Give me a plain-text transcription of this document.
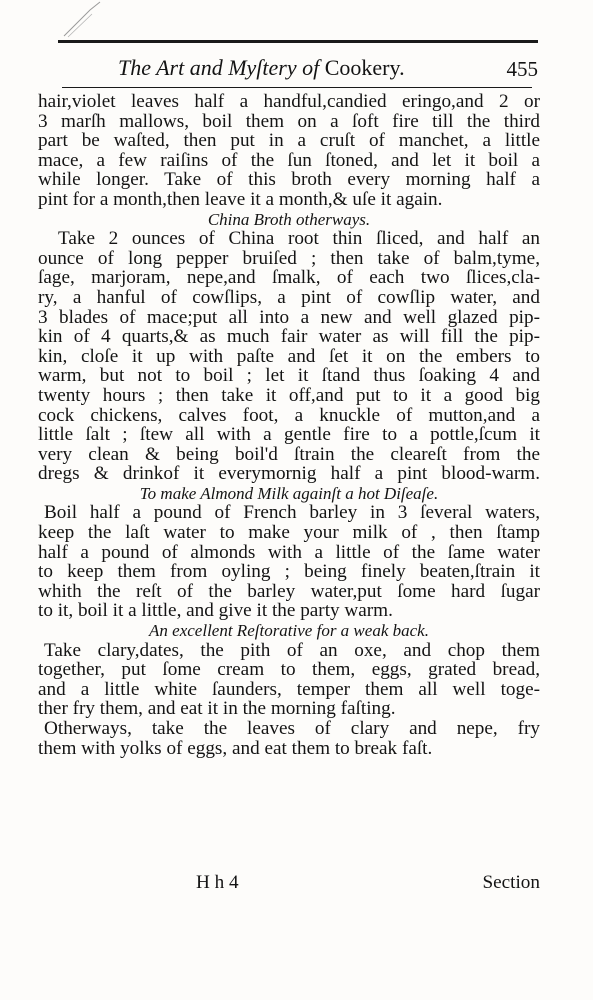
The Art and Myſtery of Cookery.	455
hair,violet leaves half a handful,candied eringo,and 2 or
3 marſh mallows, boil them on a ſoft fire till the third
part be waſted, then put in a cruſt of manchet, a little
mace, a few raiſins of the ſun ſtoned, and let it boil a
while longer. Take of this broth every morning half a
pint for a month,then leave it a month,& uſe it again.
China Broth otherways.
Take 2 ounces of China root thin ſliced, and half an
ounce of long pepper bruiſed ; then take of balm,tyme,
ſage, marjoram, nepe,and ſmalk, of each two ſlices,cla-
ry, a hanful of cowſlips, a pint of cowſlip water, and
3 blades of mace;put all into a new and well glazed pip-
kin of 4 quarts,& as much fair water as will fill the pip-
kin, cloſe it up with paſte and ſet it on the embers to
warm, but not to boil ; let it ſtand thus ſoaking 4 and
twenty hours ; then take it off,and put to it a good big
cock chickens, calves foot, a knuckle of mutton,and a
little ſalt ; ſtew all with a gentle fire to a pottle,ſcum it
very clean & being boil'd ſtrain the cleareſt from the
dregs & drinkof it everymornig half a pint blood-warm.
To make Almond Milk againſt a hot Diſeaſe.
Boil half a pound of French barley in 3 ſeveral waters,
keep the laſt water to make your milk of , then ſtamp
half a pound of almonds with a little of the ſame water
to keep them from oyling ; being finely beaten,ſtrain it
whith the reſt of the barley water,put ſome hard ſugar
to it, boil it a little, and give it the party warm.
An excellent Reſtorative for a weak back.
Take clary,dates, the pith of an oxe, and chop them
together, put ſome cream to them, eggs, grated bread,
and a little white ſaunders, temper them all well toge-
ther fry them, and eat it in the morning faſting.
Otherways, take the leaves of clary and nepe, fry
them with yolks of eggs, and eat them to break faſt.
H h 4	Section
